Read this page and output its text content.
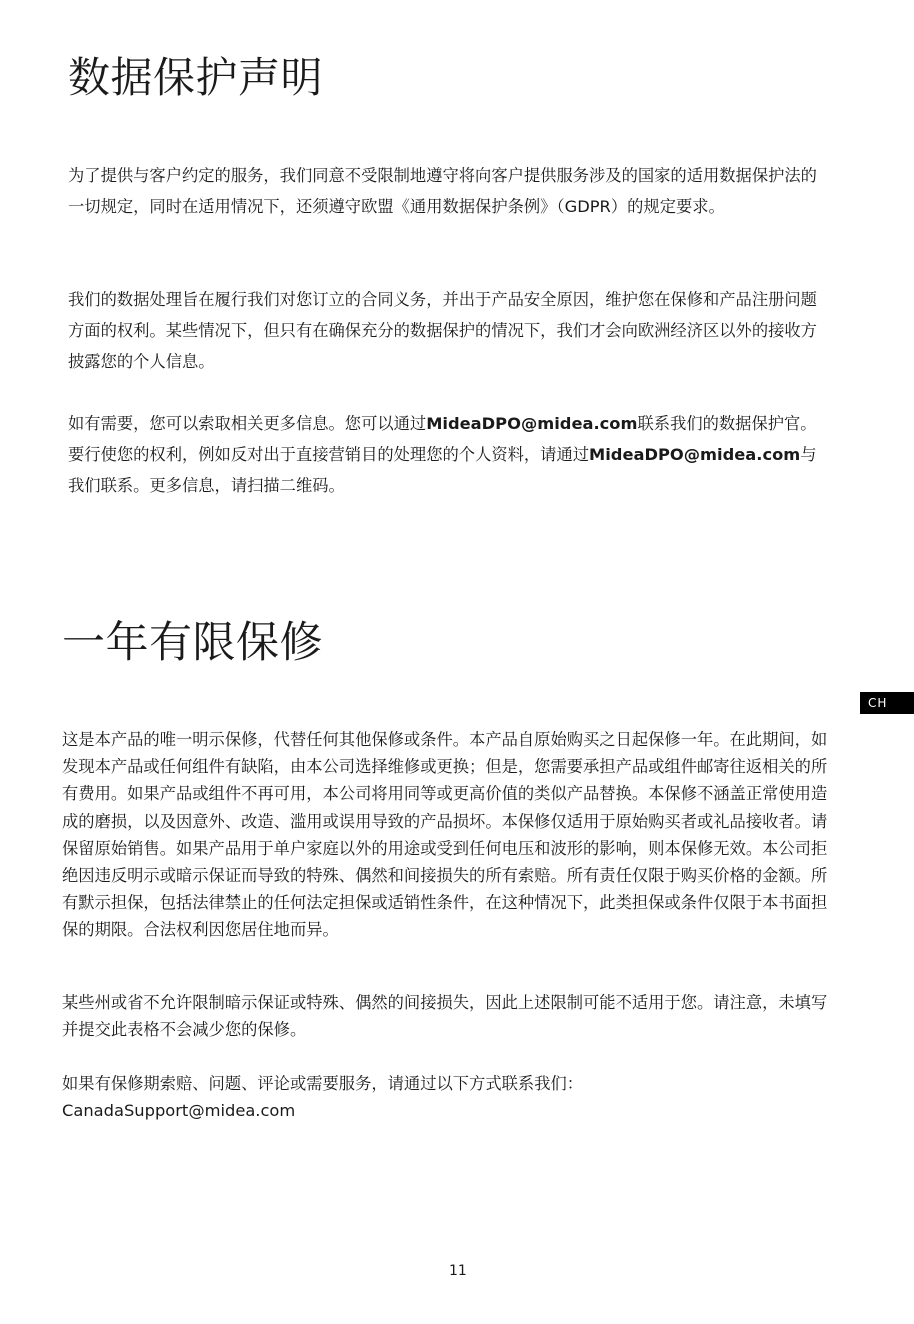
数据保护声明

为了提供与客户约定的服务，我们同意不受限制地遵守将向客户提供服务涉及的国家的适用数据保护法的一切规定，同时在适用情况下，还须遵守欧盟《通用数据保护条例》（GDPR）的规定要求。

我们的数据处理旨在履行我们对您订立的合同义务，并出于产品安全原因，维护您在保修和产品注册问题方面的权利。某些情况下，但只有在确保充分的数据保护的情况下，我们才会向欧洲经济区以外的接收方披露您的个人信息。

如有需要，您可以索取相关更多信息。您可以通过MideaDPO@midea.com联系我们的数据保护官。要行使您的权利，例如反对出于直接营销目的处理您的个人资料，请通过MideaDPO@midea.com与我们联系。更多信息，请扫描二维码。

一年有限保修

这是本产品的唯一明示保修，代替任何其他保修或条件。本产品自原始购买之日起保修一年。在此期间，如发现本产品或任何组件有缺陷，由本公司选择维修或更换；但是，您需要承担产品或组件邮寄往返相关的所有费用。如果产品或组件不再可用，本公司将用同等或更高价值的类似产品替换。本保修不涵盖正常使用造成的磨损，以及因意外、改造、滥用或误用导致的产品损坏。本保修仅适用于原始购买者或礼品接收者。请保留原始销售。如果产品用于单户家庭以外的用途或受到任何电压和波形的影响，则本保修无效。本公司拒绝因违反明示或暗示保证而导致的特殊、偶然和间接损失的所有索赔。所有责任仅限于购买价格的金额。所有默示担保，包括法律禁止的任何法定担保或适销性条件，在这种情况下，此类担保或条件仅限于本书面担保的期限。合法权利因您居住地而异。

某些州或省不允许限制暗示保证或特殊、偶然的间接损失，因此上述限制可能不适用于您。请注意，未填写并提交此表格不会减少您的保修。

如果有保修期索赔、问题、评论或需要服务，请通过以下方式联系我们：
CanadaSupport@midea.com

CH
11
